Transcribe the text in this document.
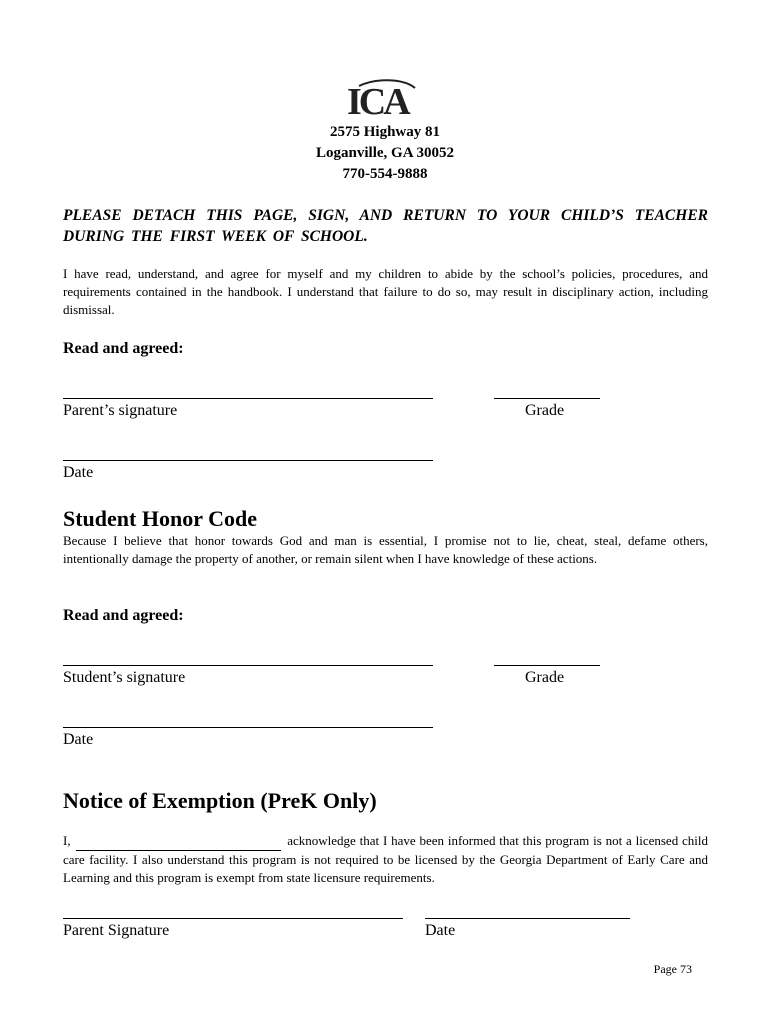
ICA
2575 Highway 81
Loganville, GA 30052
770-554-9888
PLEASE DETACH THIS PAGE, SIGN, AND RETURN TO YOUR CHILD’S TEACHER DURING THE FIRST WEEK OF SCHOOL.
I have read, understand, and agree for myself and my children to abide by the school’s policies, procedures, and requirements contained in the handbook. I understand that failure to do so, may result in disciplinary action, including dismissal.
Read and agreed:
Parent’s signature	Grade
Date
Student Honor Code
Because I believe that honor towards God and man is essential, I promise not to lie, cheat, steal, defame others, intentionally damage the property of another, or remain silent when I have knowledge of these actions.
Read and agreed:
Student’s signature	Grade
Date
Notice of Exemption (PreK Only)
I,	acknowledge that I have been informed that this program is not a licensed child care facility. I also understand this program is not required to be licensed by the Georgia Department of Early Care and Learning and this program is exempt from state licensure requirements.
Parent Signature	Date
Page 73
